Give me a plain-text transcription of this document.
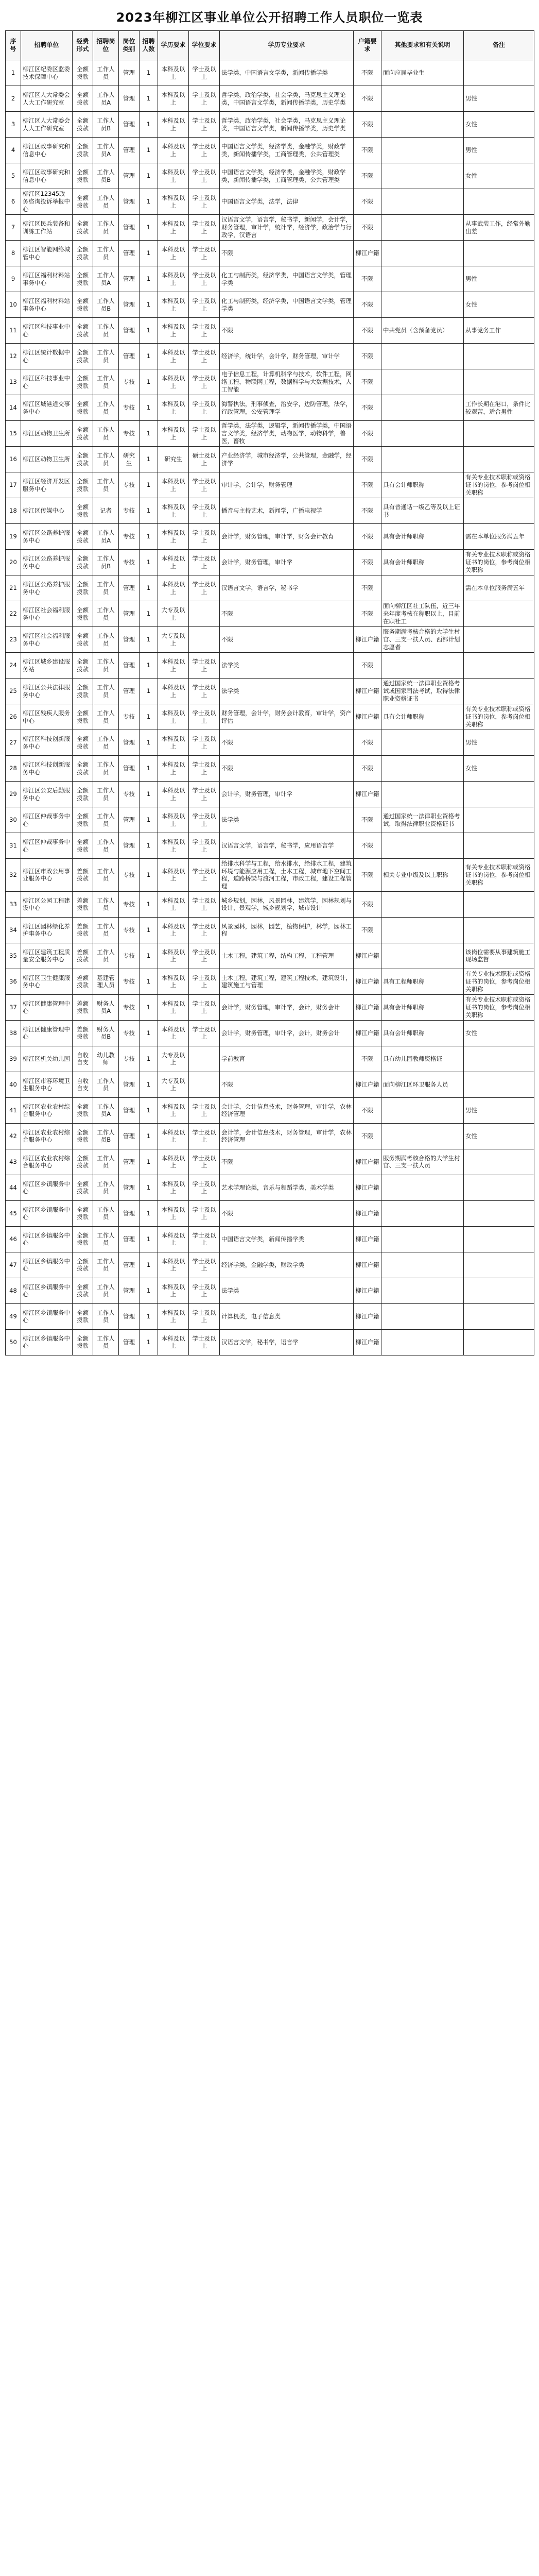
2023年柳江区事业单位公开招聘工作人员职位一览表
序号	招聘单位	经费形式	招聘岗位	岗位类别	招聘人数	学历要求	学位要求	学历专业要求	户籍要求	其他要求和有关说明	备注
1	柳江区纪委区监委技术保障中心	全额拨款	工作人员	管理	1	本科及以上	学士及以上	法学类，中国语言文学类，新闻传播学类	不限	面向应届毕业生	
2	柳江区人大常委会人大工作研究室	全额拨款	工作人员A	管理	1	本科及以上	学士及以上	哲学类，政治学类，社会学类，马克思主义理论类，中国语言文学类，新闻传播学类，历史学类	不限		男性
3	柳江区人大常委会人大工作研究室	全额拨款	工作人员B	管理	1	本科及以上	学士及以上	哲学类，政治学类，社会学类，马克思主义理论类，中国语言文学类，新闻传播学类，历史学类	不限		女性
4	柳江区政事研究和信息中心	全额拨款	工作人员A	管理	1	本科及以上	学士及以上	中国语言文学类，经济学类，金融学类，财政学类，新闻传播学类，工商管理类，公共管理类	不限		男性
5	柳江区政事研究和信息中心	全额拨款	工作人员B	管理	1	本科及以上	学士及以上	中国语言文学类，经济学类，金融学类，财政学类，新闻传播学类，工商管理类，公共管理类	不限		女性
6	柳江区12345政务咨询投诉举报中心	全额拨款	工作人员	管理	1	本科及以上	学士及以上	中国语言文学类，法学，法律	不限		
7	柳江区民兵装备和训练工作站	全额拨款	工作人员	管理	1	本科及以上	学士及以上	汉语言文学，语言学，秘书学，新闻学，会计学，财务管理，审计学，统计学，经济学，政治学与行政学，汉语言	不限		从事武装工作，经常外勤出差
8	柳江区智能网络城管中心	全额拨款	工作人员	管理	1	本科及以上	学士及以上	不限	柳江户籍		
9	柳江区福利材料站事务中心	全额拨款	工作人员A	管理	1	本科及以上	学士及以上	化工与制药类，经济学类，中国语言文学类，管理学类	不限		男性
10	柳江区福利材料站事务中心	全额拨款	工作人员B	管理	1	本科及以上	学士及以上	化工与制药类，经济学类，中国语言文学类，管理学类	不限		女性
11	柳江区科技事业中心	全额拨款	工作人员	管理	1	本科及以上	学士及以上	不限	不限	中共党员（含预备党员）	从事党务工作
12	柳江区统计数据中心	全额拨款	工作人员	管理	1	本科及以上	学士及以上	经济学，统计学，会计学，财务管理，审计学	不限		
13	柳江区科技事业中心	全额拨款	工作人员	专技	1	本科及以上	学士及以上	电子信息工程，计算机科学与技术，软件工程，网络工程，物联网工程，数据科学与大数据技术，人工智能	不限		
14	柳江区城港道交事务中心	全额拨款	工作人员	专技	1	本科及以上	学士及以上	海警执法，刑事侦查，治安学，边防管理，法学，行政管理，公安管理学	不限		工作长期在港口，条件比较艰苦，适合男性
15	柳江区动物卫生所	全额拨款	工作人员	专技	1	本科及以上	学士及以上	哲学类，法学类，逻辑学，新闻传播学类，中国语言文学类，经济学类，动物医学，动物科学，兽医，畜牧	不限		
16	柳江区动物卫生所	全额拨款	工作人员	研究生	1	研究生	硕士及以上	产业经济学，城市经济学，公共管理，金融学，经济学	不限		
17	柳江区经济开发区服务中心	全额拨款	工作人员	专技	1	本科及以上	学士及以上	审计学，会计学，财务管理	不限	具有会计师职称	有关专业技术职称或资格证书的岗位，参考岗位相关职称
18	柳江区传媒中心	全额拨款	记者	专技	1	本科及以上	学士及以上	播音与主持艺术，新闻学，广播电视学	不限	具有普通话一级乙等及以上证书	
19	柳江区公路养护服务中心	全额拨款	工作人员A	专技	1	本科及以上	学士及以上	会计学，财务管理，审计学，财务会计教育	不限	具有会计师职称	需在本单位服务满五年
20	柳江区公路养护服务中心	全额拨款	工作人员B	专技	1	本科及以上	学士及以上	会计学，财务管理，审计学	不限	具有会计师职称	有关专业技术职称或资格证书的岗位，参考岗位相关职称
21	柳江区公路养护服务中心	全额拨款	工作人员	管理	1	本科及以上	学士及以上	汉语言文学，语言学，秘书学	不限		需在本单位服务满五年
22	柳江区社会福利服务中心	全额拨款	工作人员	管理	1	大专及以上		不限	不限	面向柳江区社工队伍，近三年来年度考核在称职以上，目前在职社工	
23	柳江区社会福利服务中心	全额拨款	工作人员	管理	1	大专及以上		不限	柳江户籍	服务期满考核合格的大学生村官、三支一扶人员、西部计划志愿者	
24	柳江区城乡建设服务站	全额拨款	工作人员	管理	1	本科及以上	学士及以上	法学类	不限		
25	柳江区公共法律服务中心	全额拨款	工作人员	管理	1	本科及以上	学士及以上	法学类	柳江户籍	通过国家统一法律职业资格考试或国家司法考试，取得法律职业资格证书	
26	柳江区残疾人服务中心	全额拨款	工作人员	专技	1	本科及以上	学士及以上	财务管理，会计学，财务会计教育，审计学，资产评估	柳江户籍	具有会计师职称	有关专业技术职称或资格证书的岗位，参考岗位相关职称
27	柳江区科技创新服务中心	全额拨款	工作人员	管理	1	本科及以上	学士及以上	不限	不限		男性
28	柳江区科技创新服务中心	全额拨款	工作人员	管理	1	本科及以上	学士及以上	不限	不限		女性
29	柳江区公安后勤服务中心	全额拨款	工作人员	专技	1	本科及以上	学士及以上	会计学，财务管理，审计学	柳江户籍		
30	柳江区仲裁事务中心	全额拨款	工作人员	管理	1	本科及以上	学士及以上	法学类	不限	通过国家统一法律职业资格考试，取得法律职业资格证书	
31	柳江区仲裁事务中心	全额拨款	工作人员	管理	1	本科及以上	学士及以上	汉语言文学，语言学，秘书学，应用语言学	不限		
32	柳江区市政公用事业服务中心	差额拨款	工作人员	专技	1	本科及以上	学士及以上	给排水科学与工程，给水排水，给排水工程，建筑环境与能源应用工程，土木工程，城市地下空间工程，道路桥梁与渡河工程，市政工程，建设工程管理	不限	相关专业中级及以上职称	有关专业技术职称或资格证书的岗位，参考岗位相关职称
33	柳江区公园工程建设中心	差额拨款	工作人员	专技	1	本科及以上	学士及以上	城乡规划，园林，风景园林，建筑学，园林规划与设计，景观学，城乡规划学，城市设计	不限		
34	柳江区园林绿化养护事务中心	差额拨款	工作人员	专技	1	本科及以上	学士及以上	风景园林，园林，园艺，植物保护，林学，园林工程	不限		
35	柳江区建筑工程质量安全服务中心	差额拨款	工作人员	专技	1	本科及以上	学士及以上	土木工程，建筑工程，结构工程，工程管理	柳江户籍		该岗位需要从事建筑施工现场监督
36	柳江区卫生健康服务中心	差额拨款	基建管理人员	专技	1	本科及以上	学士及以上	土木工程，建筑工程，建筑工程技术，建筑设计，建筑施工与管理	柳江户籍	具有工程师职称	有关专业技术职称或资格证书的岗位，参考岗位相关职称
37	柳江区健康管理中心	差额拨款	财务人员A	专技	1	本科及以上	学士及以上	会计学，财务管理，审计学，会计，财务会计	柳江户籍	具有会计师职称	有关专业技术职称或资格证书的岗位，参考岗位相关职称
38	柳江区健康管理中心	差额拨款	财务人员B	专技	1	本科及以上	学士及以上	会计学，财务管理，审计学，会计，财务会计	柳江户籍	具有会计师职称	女性
39	柳江区机关幼儿园	自收自支	幼儿教师	专技	1	大专及以上		学前教育	不限	具有幼儿园教师资格证	
40	柳江区市容环境卫生服务中心	自收自支	工作人员	管理	1	大专及以上		不限	柳江户籍	面向柳江区环卫服务人员	
41	柳江区农业农村综合服务中心	全额拨款	工作人员A	管理	1	本科及以上	学士及以上	会计学，会计信息技术，财务管理，审计学，农林经济管理	不限		男性
42	柳江区农业农村综合服务中心	全额拨款	工作人员B	管理	1	本科及以上	学士及以上	会计学，会计信息技术，财务管理，审计学，农林经济管理	不限		女性
43	柳江区农业农村综合服务中心	全额拨款	工作人员	管理	1	本科及以上	学士及以上	不限	柳江户籍	服务期满考核合格的大学生村官、三支一扶人员	
44	柳江区乡镇服务中心	全额拨款	工作人员	管理	1	本科及以上	学士及以上	艺术学理论类，音乐与舞蹈学类，美术学类	柳江户籍		
45	柳江区乡镇服务中心	全额拨款	工作人员	管理	1	本科及以上	学士及以上	不限	柳江户籍		
46	柳江区乡镇服务中心	全额拨款	工作人员	管理	1	本科及以上	学士及以上	中国语言文学类，新闻传播学类	柳江户籍		
47	柳江区乡镇服务中心	全额拨款	工作人员	管理	1	本科及以上	学士及以上	经济学类，金融学类，财政学类	柳江户籍		
48	柳江区乡镇服务中心	全额拨款	工作人员	管理	1	本科及以上	学士及以上	法学类	柳江户籍		
49	柳江区乡镇服务中心	全额拨款	工作人员	管理	1	本科及以上	学士及以上	计算机类，电子信息类	柳江户籍		
50	柳江区乡镇服务中心	全额拨款	工作人员	管理	1	本科及以上	学士及以上	汉语言文学，秘书学，语言学	柳江户籍		
